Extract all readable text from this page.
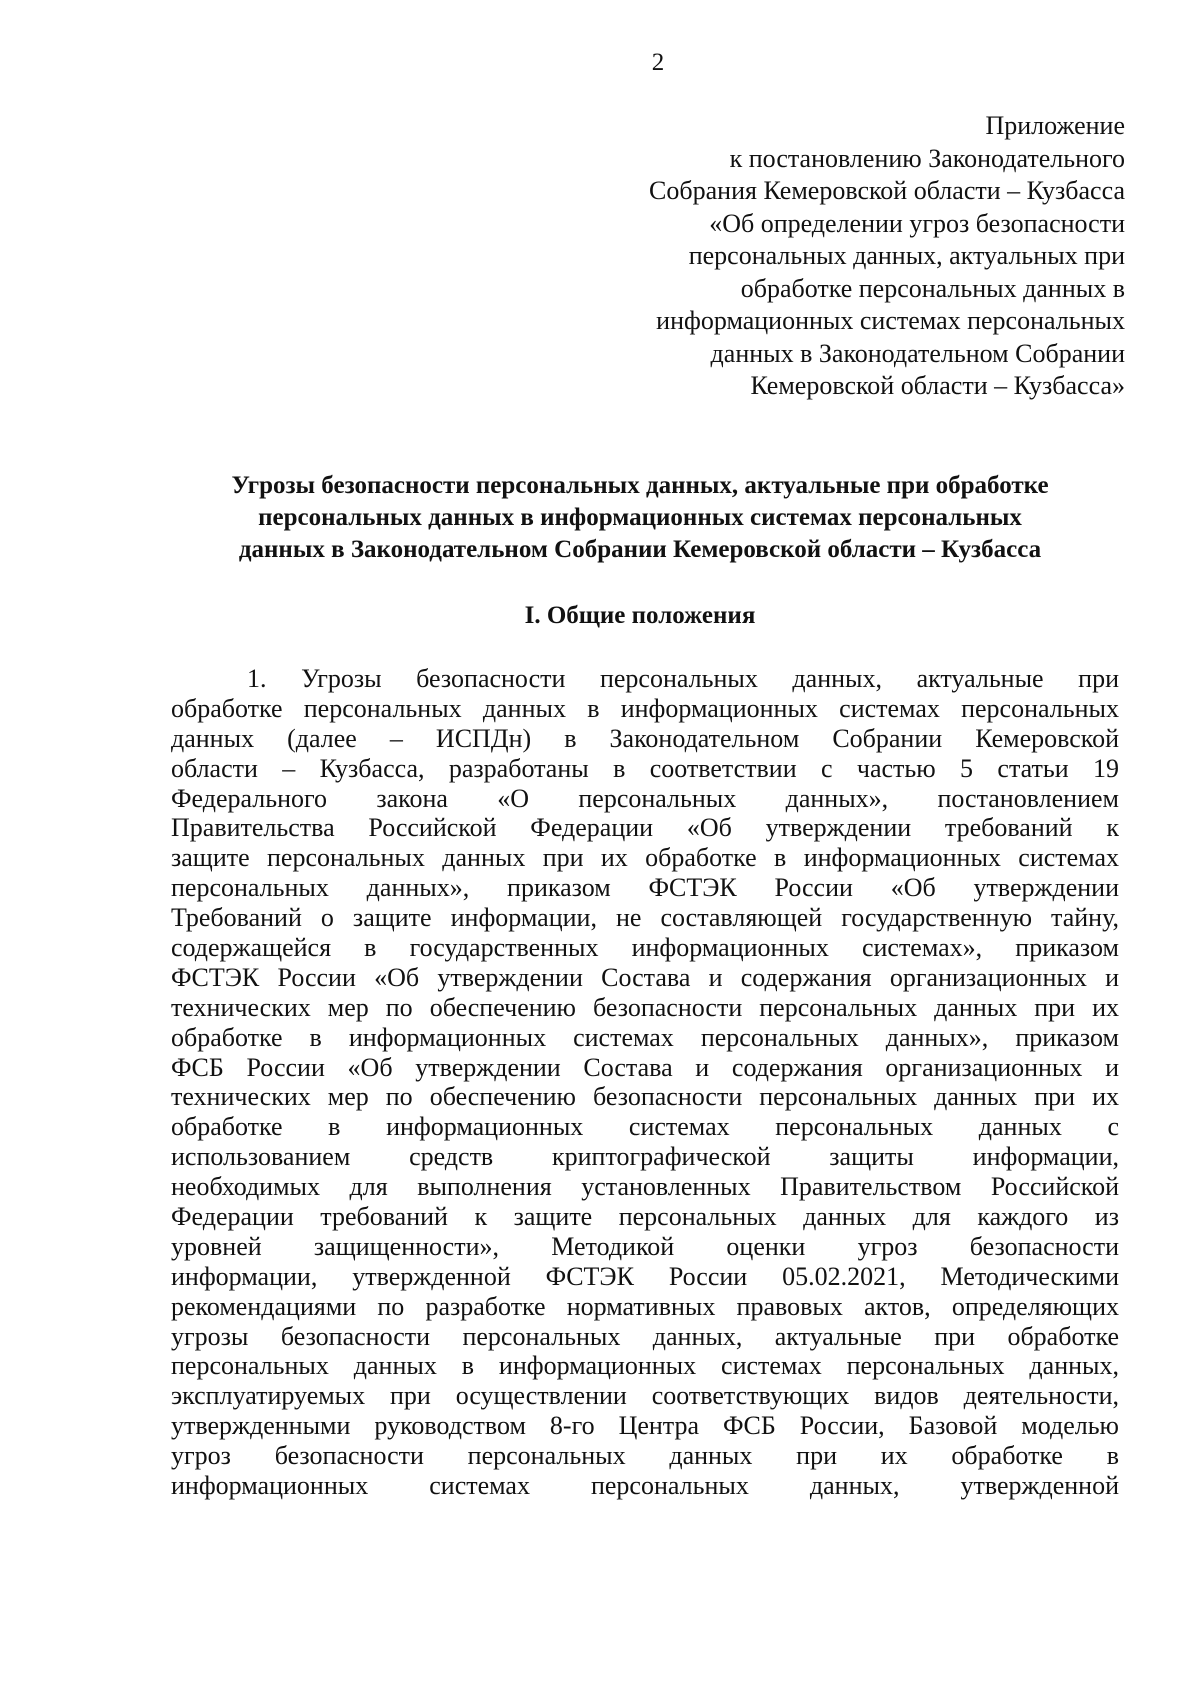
2
Приложение
к постановлению Законодательного
Собрания Кемеровской области – Кузбасса
«Об определении угроз безопасности
персональных данных, актуальных при
обработке персональных данных в
информационных системах персональных
данных в Законодательном Собрании
Кемеровской области – Кузбасса»
Угрозы безопасности персональных данных, актуальные при обработке
персональных данных в информационных системах персональных
данных в Законодательном Собрании Кемеровской области – Кузбасса
I. Общие положения
1. Угрозы безопасности персональных данных, актуальные при
обработке персональных данных в информационных системах персональных
данных (далее – ИСПДн) в Законодательном Собрании Кемеровской
области – Кузбасса, разработаны в соответствии с частью 5 статьи 19
Федерального закона «О персональных данных», постановлением
Правительства Российской Федерации «Об утверждении требований к
защите персональных данных при их обработке в информационных системах
персональных данных», приказом ФСТЭК России «Об утверждении
Требований о защите информации, не составляющей государственную тайну,
содержащейся в государственных информационных системах», приказом
ФСТЭК России «Об утверждении Состава и содержания организационных и
технических мер по обеспечению безопасности персональных данных при их
обработке в информационных системах персональных данных», приказом
ФСБ России «Об утверждении Состава и содержания организационных и
технических мер по обеспечению безопасности персональных данных при их
обработке в информационных системах персональных данных с
использованием средств криптографической защиты информации,
необходимых для выполнения установленных Правительством Российской
Федерации требований к защите персональных данных для каждого из
уровней защищенности», Методикой оценки угроз безопасности
информации, утвержденной ФСТЭК России 05.02.2021, Методическими
рекомендациями по разработке нормативных правовых актов, определяющих
угрозы безопасности персональных данных, актуальные при обработке
персональных данных в информационных системах персональных данных,
эксплуатируемых при осуществлении соответствующих видов деятельности,
утвержденными руководством 8-го Центра ФСБ России, Базовой моделью
угроз безопасности персональных данных при их обработке в
информационных системах персональных данных, утвержденной
